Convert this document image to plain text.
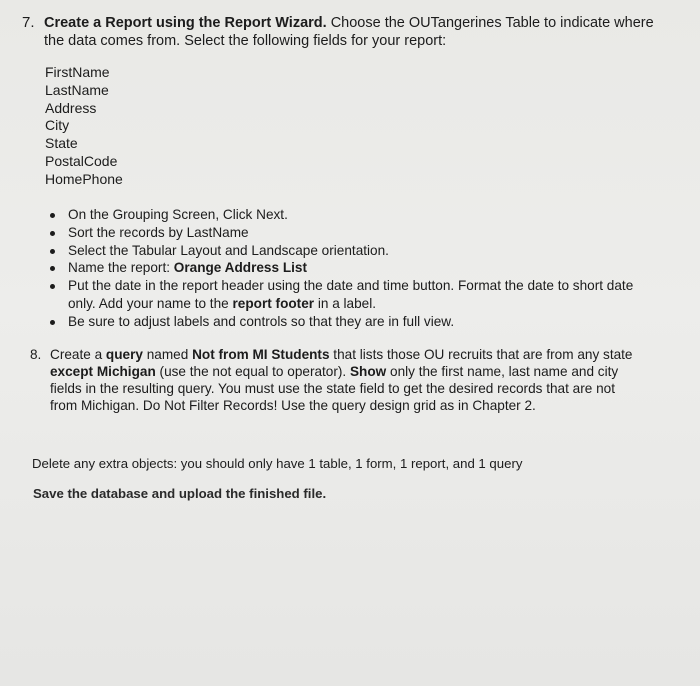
7. Create a Report using the Report Wizard. Choose the OUTangerines Table to indicate where the data comes from. Select the following fields for your report:
FirstName
LastName
Address
City
State
PostalCode
HomePhone
On the Grouping Screen, Click Next.
Sort the records by LastName
Select the Tabular Layout and Landscape orientation.
Name the report: Orange Address List
Put the date in the report header using the date and time button. Format the date to short date only. Add your name to the report footer in a label.
Be sure to adjust labels and controls so that they are in full view.
8. Create a query named Not from MI Students that lists those OU recruits that are from any state except Michigan (use the not equal to operator). Show only the first name, last name and city fields in the resulting query. You must use the state field to get the desired records that are not from Michigan. Do Not Filter Records! Use the query design grid as in Chapter 2.
Delete any extra objects: you should only have 1 table, 1 form, 1 report, and 1 query
Save the database and upload the finished file.
